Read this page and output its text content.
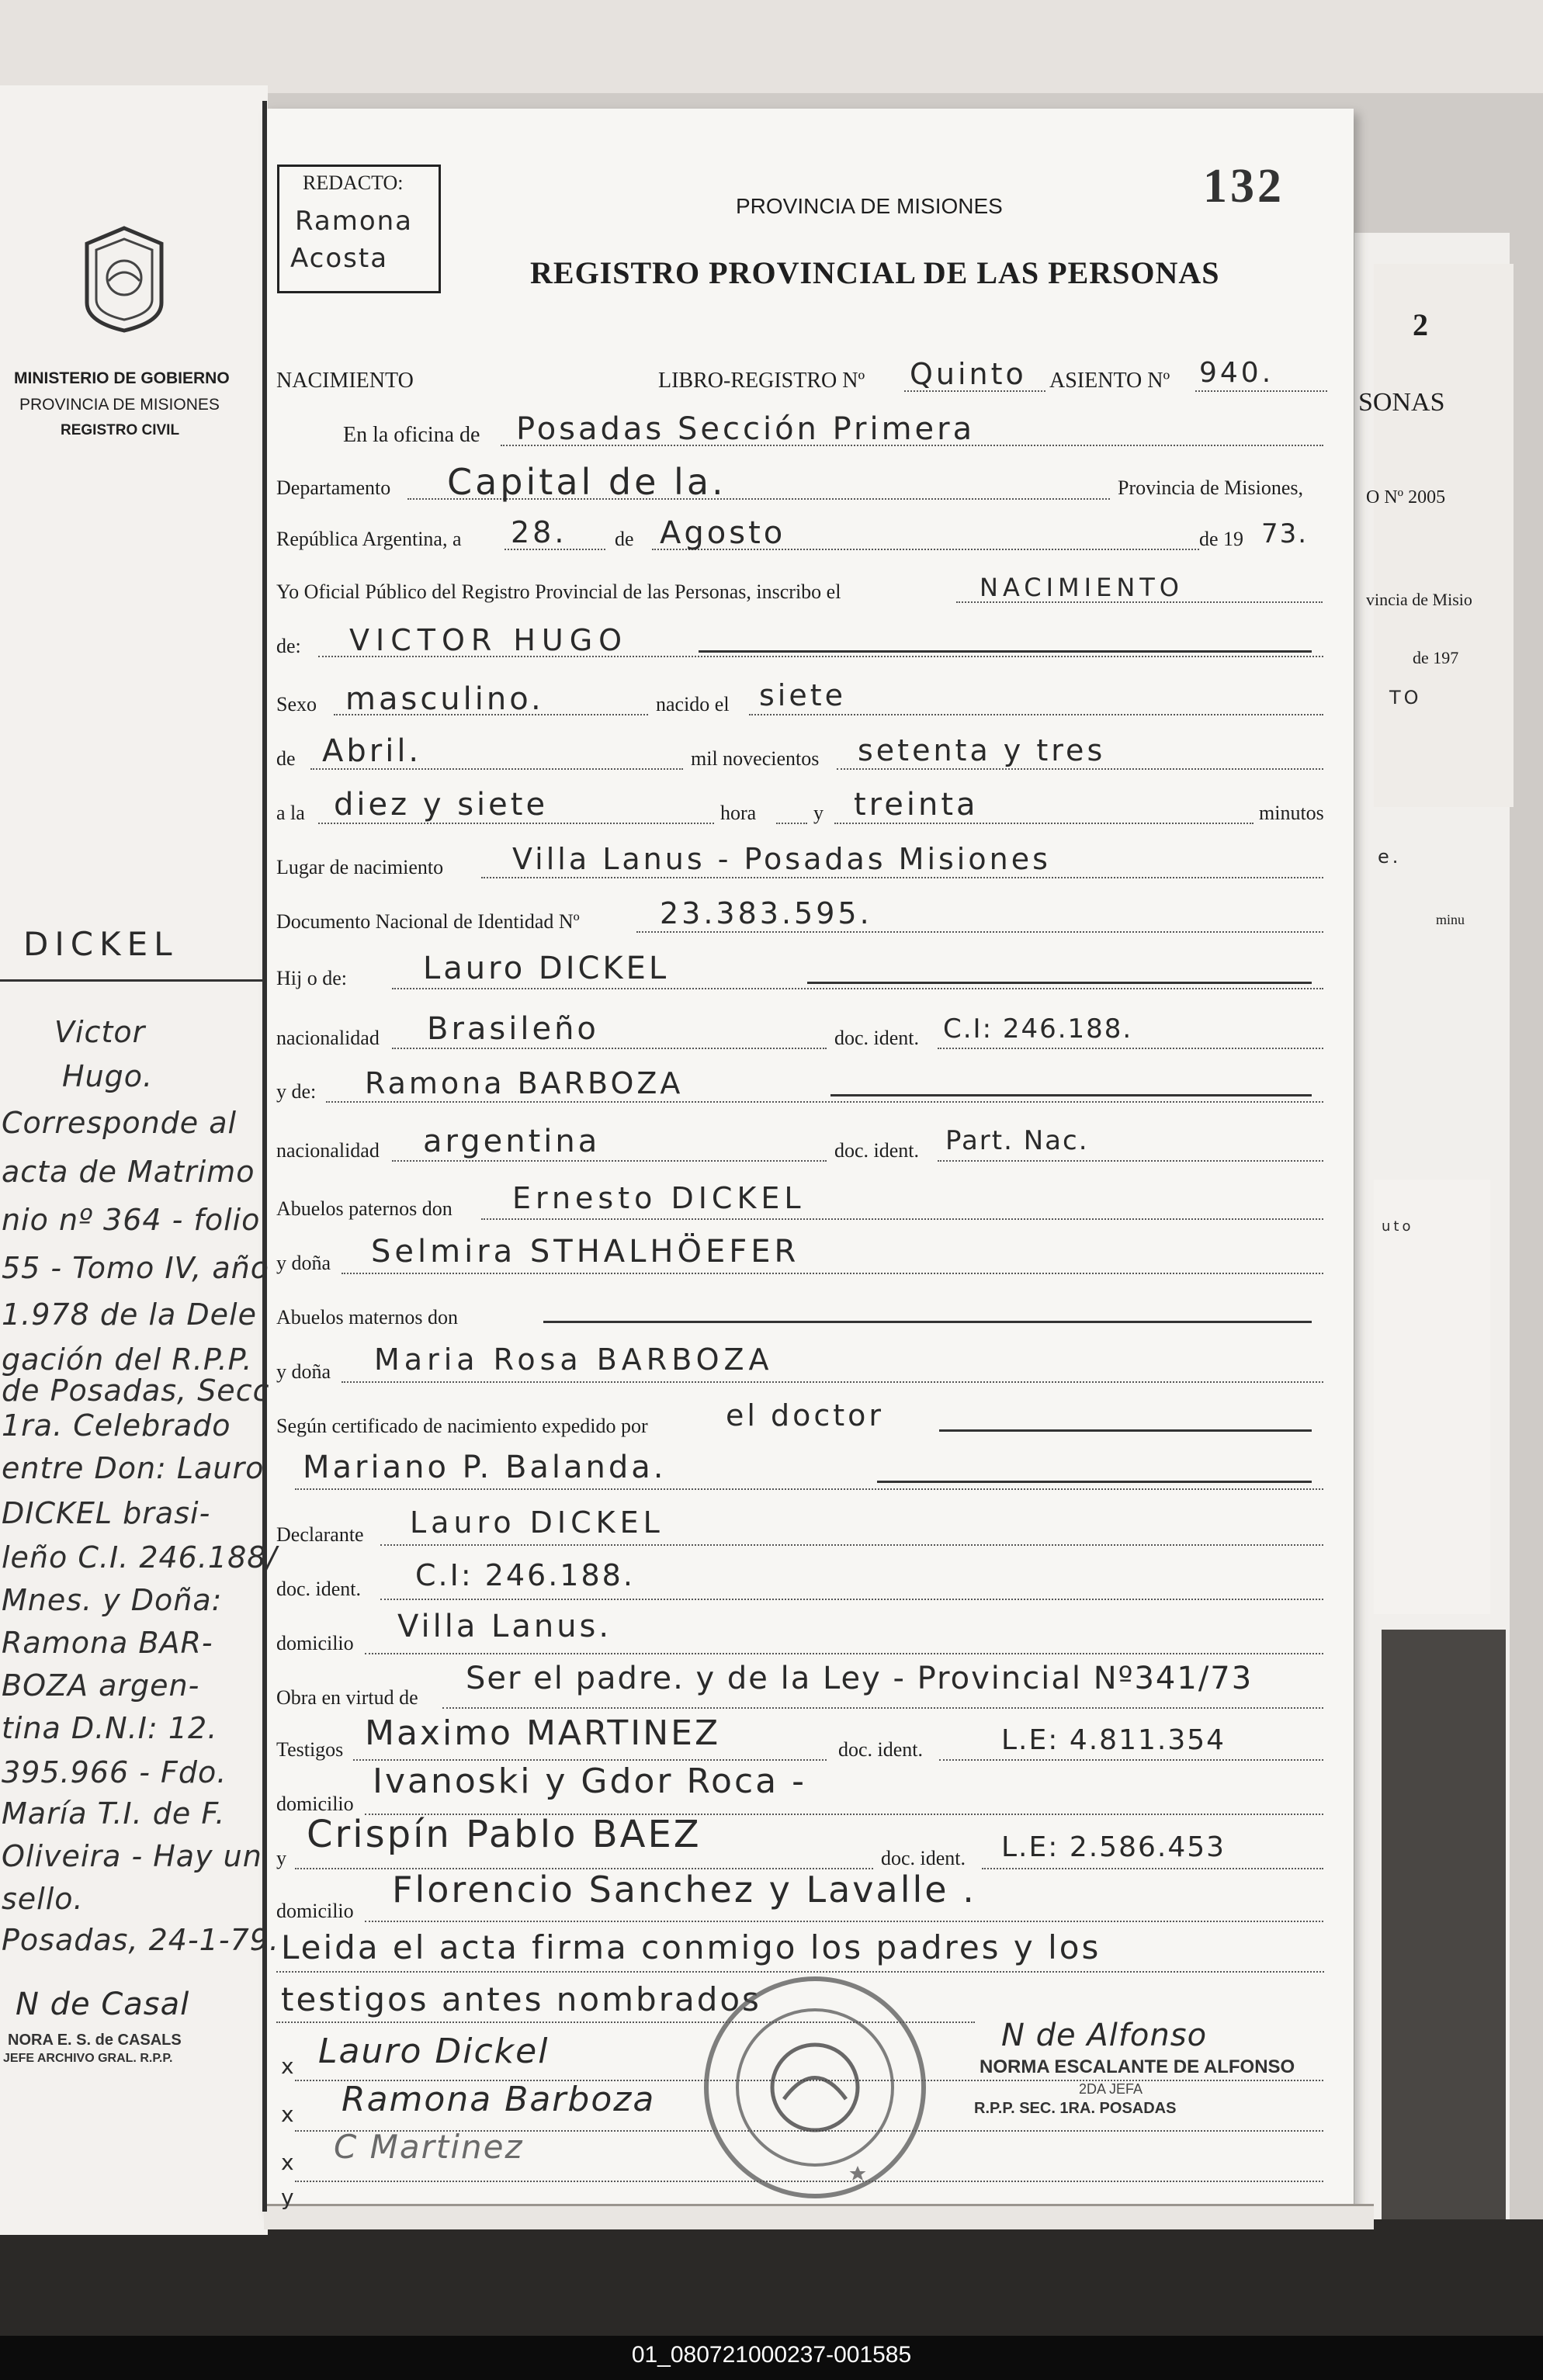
2
SONAS
O Nº 2005
vincia de Misio
de 197
TO
e.
minu
uto
MINISTERIO DE GOBIERNO
PROVINCIA DE MISIONES
REGISTRO CIVIL
REDACTO:
Ramona
Acosta
PROVINCIA DE MISIONES
REGISTRO PROVINCIAL DE LAS PERSONAS
132
NACIMIENTO	LIBRO-REGISTRO Nº Quinto ASIENTO Nº 940.
En la oficina de Posadas Sección Primera
Departamento Capital de la.	Provincia de Misiones,
República Argentina, a 28. de Agosto	de 19 73.
Yo Oficial Público del Registro Provincial de las Personas, inscribo el	NACIMIENTO
de: VICTOR HUGO
Sexo masculino.	nacido el siete
de Abril.	mil novecientos setenta y tres
a la diez y siete	hora	y treinta	minutos
Lugar de nacimiento Villa Lanus - Posadas Misiones
Documento Nacional de Identidad Nº	23.383.595.
Hij o de: Lauro DICKEL
nacionalidad Brasileño	doc. ident. C.I: 246.188.
y de: Ramona BARBOZA
nacionalidad argentina	doc. ident. Part. Nac.
Abuelos paternos don Ernesto DICKEL
y doña Selmira STHALHÖEFER
Abuelos maternos don
y doña Maria Rosa BARBOZA
Según certificado de nacimiento expedido por	el doctor
Mariano P. Balanda.
Declarante Lauro DICKEL
doc. ident. C.I: 246.188.
domicilio Villa Lanus.
Obra en virtud de
Ser el padre. y de la Ley - Provincial Nº341/73
Testigos Maximo MARTINEZ	doc. ident.	L.E: 4.811.354
domicilio
Ivanoski y Gdor Roca -
y
Crispín Pablo BAEZ
doc. ident. L.E: 2.586.453
domicilio
Florencio Sanchez y Lavalle .
Leida el acta firma conmigo los padres y los
testigos antes nombrados
x
x
x
y
Lauro Dickel
Ramona Barboza
C Martinez
N de Alfonso
NORMA ESCALANTE DE ALFONSO
2DA JEFA
R.P.P. SEC. 1RA. POSADAS
DICKEL
Victor
Hugo.
Corresponde al
acta de Matrimo
nio nº 364 - folio
55 - Tomo IV, año
1.978 de la Dele
gación del R.P.P.
de Posadas, Secc
1ra. Celebrado
entre Don: Lauro
DICKEL brasi-
leño C.I. 246.188/
Mnes. y Doña:
Ramona BAR-
BOZA argen-
tina D.N.I: 12.
395.966 - Fdo.
María T.I. de F.
Oliveira - Hay un
sello.
Posadas, 24-1-79.
N de Casal
NORA E. S. de CASALS
JEFE ARCHIVO GRAL. R.P.P.
01_080721000237-001585
